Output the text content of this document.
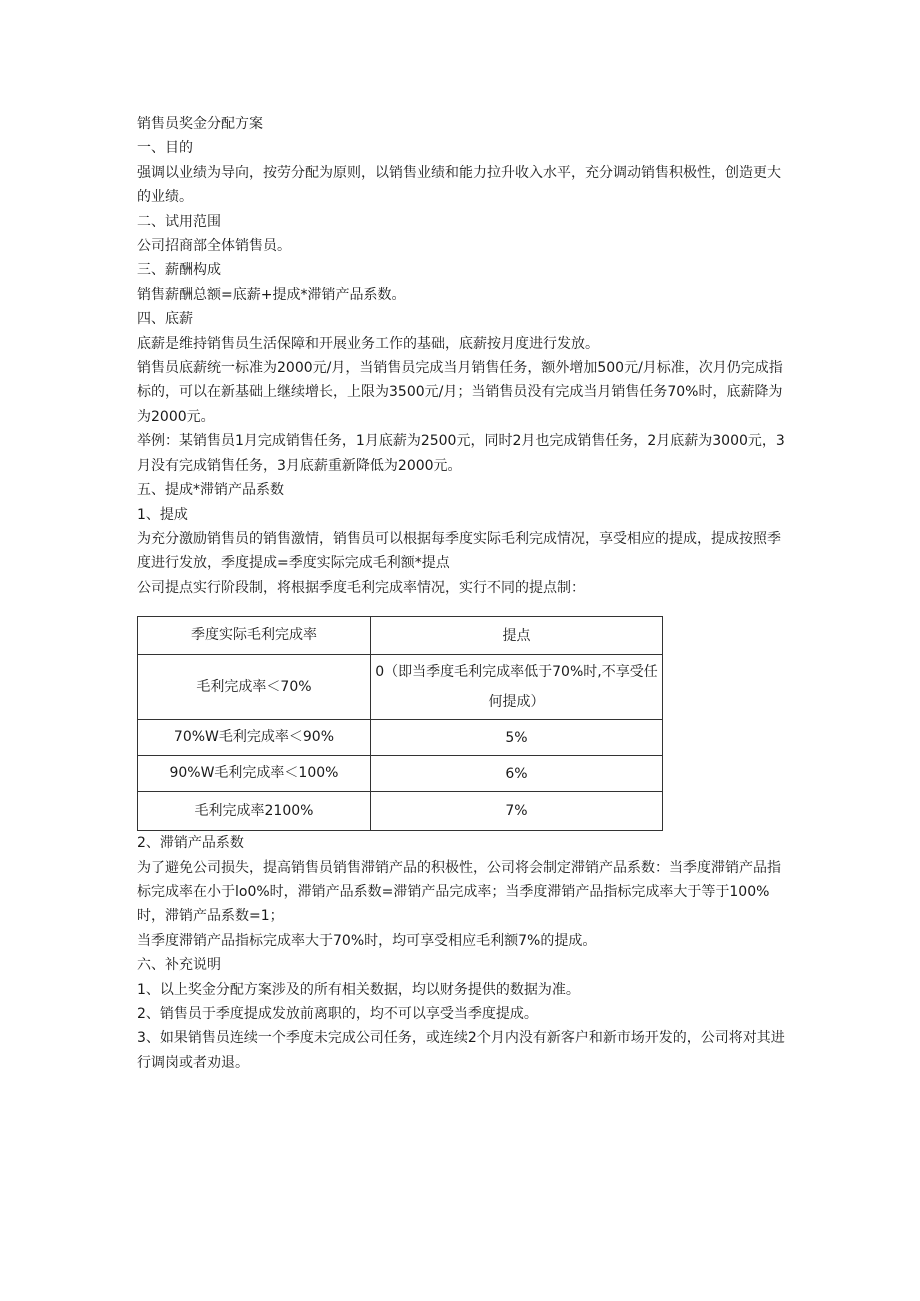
销售员奖金分配方案

一、目的

强调以业绩为导向，按劳分配为原则，以销售业绩和能力拉升收入水平，充分调动销售积极性，创造更大的业绩。

二、试用范围

公司招商部全体销售员。

三、薪酬构成

销售薪酬总额=底薪+提成*滞销产品系数。

四、底薪

底薪是维持销售员生活保障和开展业务工作的基础，底薪按月度进行发放。

销售员底薪统一标准为2000元/月，当销售员完成当月销售任务，额外增加500元/月标准，次月仍完成指标的，可以在新基础上继续增长，上限为3500元/月；当销售员没有完成当月销售任务70%时，底薪降为为2000元。

举例：某销售员1月完成销售任务，1月底薪为2500元，同时2月也完成销售任务，2月底薪为3000元，3月没有完成销售任务，3月底薪重新降低为2000元。

五、提成*滞销产品系数

1、提成

为充分激励销售员的销售激情，销售员可以根据每季度实际毛利完成情况，享受相应的提成，提成按照季度进行发放，季度提成=季度实际完成毛利额*提点

公司提点实行阶段制，将根据季度毛利完成率情况，实行不同的提点制：

季度实际毛利完成率	提点
毛利完成率＜70%	0（即当季度毛利完成率低于70%时,不享受任何提成）
70%W毛利完成率＜90%	5%
90%W毛利完成率＜100%	6%
毛利完成率2100%	7%

2、滞销产品系数

为了避免公司损失，提高销售员销售滞销产品的积极性，公司将会制定滞销产品系数：当季度滞销产品指标完成率在小于lo0%时，滞销产品系数=滞销产品完成率；当季度滞销产品指标完成率大于等于100%时，滞销产品系数=1；

当季度滞销产品指标完成率大于70%时，均可享受相应毛利额7%的提成。

六、补充说明

1、以上奖金分配方案涉及的所有相关数据，均以财务提供的数据为准。

2、销售员于季度提成发放前离职的，均不可以享受当季度提成。

3、如果销售员连续一个季度未完成公司任务，或连续2个月内没有新客户和新市场开发的，公司将对其进行调岗或者劝退。
